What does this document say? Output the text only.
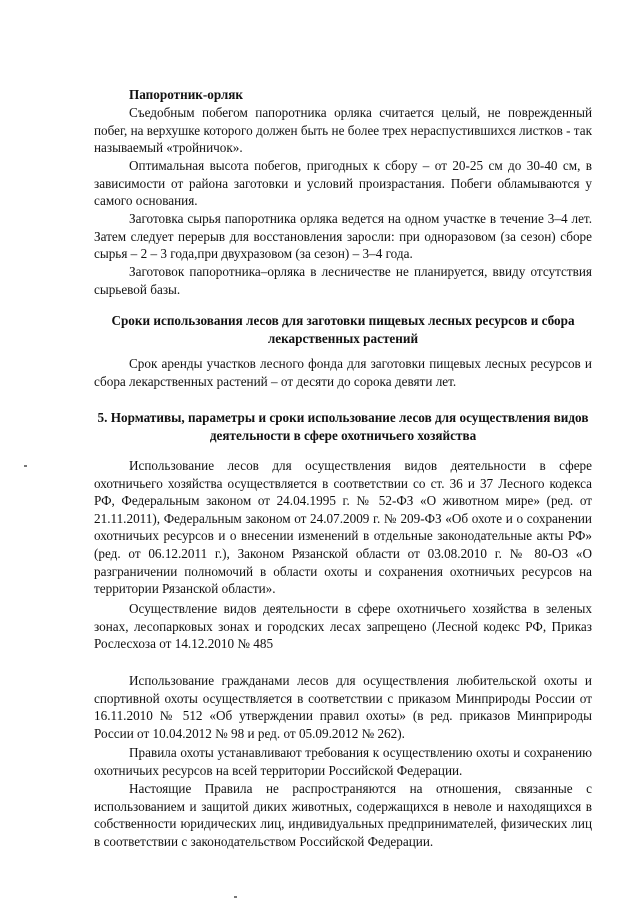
Папоротник-орляк

Съедобным побегом папоротника орляка считается целый, не поврежденный побег, на верхушке которого должен быть не более трех нераспустившихся листков - так называемый «тройничок».

Оптимальная высота побегов, пригодных к сбору – от 20-25 см до 30-40 см, в зависимости от района заготовки и условий произрастания. Побеги обламываются у самого основания.

Заготовка сырья папоротника орляка ведется на одном участке в течение 3–4 лет. Затем следует перерыв для восстановления заросли: при одноразовом (за сезон) сборе сырья – 2 – 3 года,при двухразовом (за сезон) – 3–4 года.

Заготовок папоротника–орляка в лесничестве не планируется, ввиду отсутствия сырьевой базы.

Сроки использования лесов для заготовки пищевых лесных ресурсов и сбора
лекарственных растений

Срок аренды участков лесного фонда для заготовки пищевых лесных ресурсов и сбора лекарственных растений – от десяти до сорока девяти лет.

5. Нормативы, параметры и сроки использование лесов для осуществления видов
деятельности в сфере охотничьего хозяйства

Использование лесов для осуществления видов деятельности в сфере охотничьего хозяйства осуществляется в соответствии со ст. 36 и 37 Лесного кодекса РФ, Федеральным законом от 24.04.1995 г. № 52-ФЗ «О животном мире» (ред. от 21.11.2011), Федеральным законом от 24.07.2009 г. № 209-ФЗ «Об охоте и о сохранении охотничьих ресурсов и о внесении изменений в отдельные законодательные акты РФ» (ред. от 06.12.2011 г.), Законом Рязанской области от 03.08.2010 г. № 80-ОЗ «О разграничении полномочий в области охоты и сохранения охотничьих ресурсов на территории Рязанской области».

Осуществление видов деятельности в сфере охотничьего хозяйства в зеленых зонах, лесопарковых зонах и городских лесах запрещено (Лесной кодекс РФ, Приказ Рослесхоза от 14.12.2010 № 485

Использование гражданами лесов для осуществления любительской охоты и спортивной охоты осуществляется в соответствии с приказом Минприроды России от 16.11.2010 № 512 «Об утверждении правил охоты» (в ред. приказов Минприроды России от 10.04.2012 № 98 и ред. от 05.09.2012 № 262).

Правила охоты устанавливают требования к осуществлению охоты и сохранению охотничьих ресурсов на всей территории Российской Федерации.

Настоящие Правила не распространяются на отношения, связанные с использованием и защитой диких животных, содержащихся в неволе и находящихся в собственности юридических лиц, индивидуальных предпринимателей, физических лиц в соответствии с законодательством Российской Федерации.
